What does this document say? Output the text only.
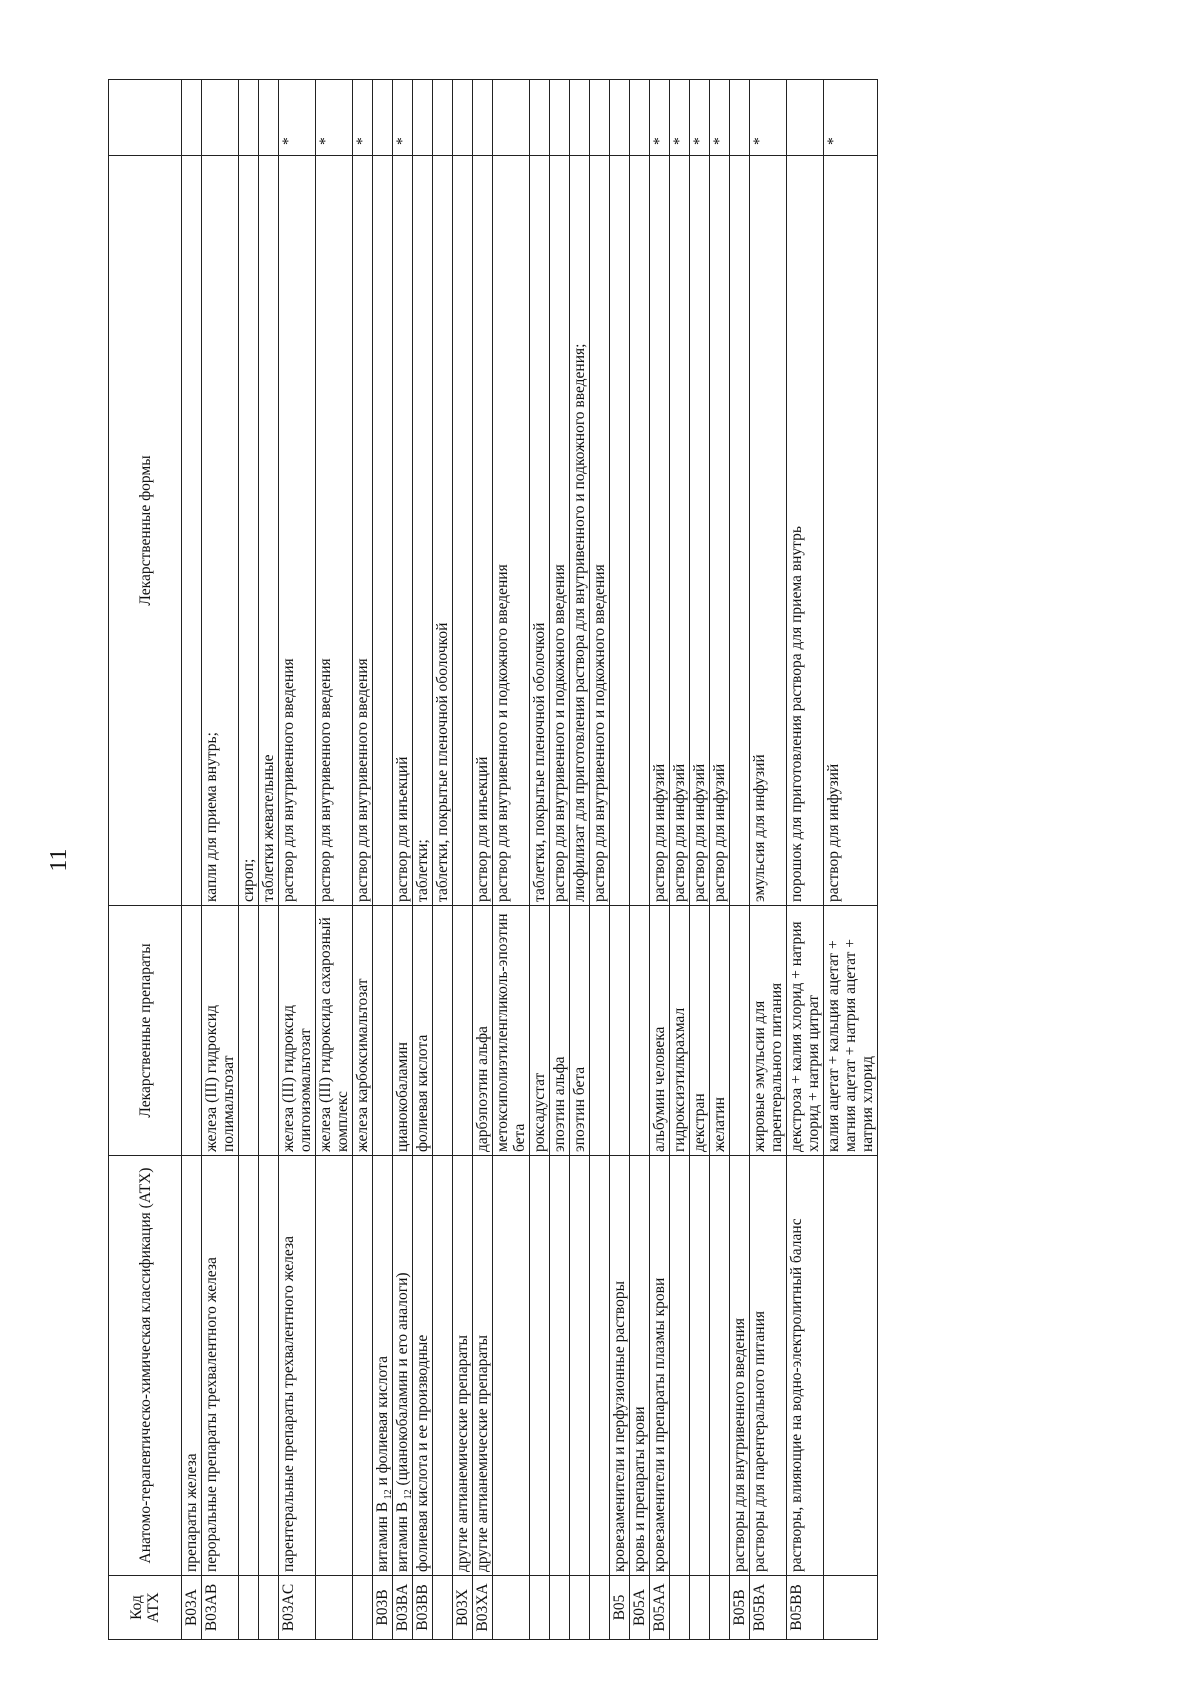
11
Код АТХ	Анатомо-терапевтическо-химическая классификация (АТХ)	Лекарственные препараты	Лекарственные формы	
B03A	препараты железа			
B03AB	пероральные препараты трехвалентного железа	железа (III) гидроксид полимальтозат	капли для приема внутрь;	
			сироп;	
			таблетки жевательные	
B03AC	парентеральные препараты трехвалентного железа	железа (III) гидроксид олигоизомальтозат	раствор для внутривенного введения	*
		железа (III) гидроксида сахарозный комплекс	раствор для внутривенного введения	*
		железа карбоксимальтозат	раствор для внутривенного введения	*
B03B	витамин B $_{12}$ и фолиевая кислота			
B03BA	витамин B $_{12}$ (цианокобаламин и его аналоги)	цианокобаламин	раствор для инъекций	*
B03BB	фолиевая кислота и ее производные	фолиевая кислота	таблетки;	
			таблетки, покрытые пленочной оболочкой	
B03X	другие антианемические препараты			
B03XA	другие антианемические препараты	дарбэпоэтин альфа	раствор для инъекций	
		метоксиполиэтиленгликоль-эпоэтин бета	раствор для внутривенного и подкожного введения	
		роксадустат	таблетки, покрытые пленочной оболочкой	
		эпоэтин альфа	раствор для внутривенного и подкожного введения	
		эпоэтин бета	лиофилизат для приготовления раствора для внутривенного и подкожного введения;	
			раствор для внутривенного и подкожного введения	
B05	кровезаменители и перфузионные растворы			
B05A	кровь и препараты крови			
B05AA	кровезаменители и препараты плазмы крови	альбумин человека	раствор для инфузий	*
		гидроксиэтилкрахмал	раствор для инфузий	*
		декстран	раствор для инфузий	*
		желатин	раствор для инфузий	*
B05B	растворы для внутривенного введения			
B05BA	растворы для парентерального питания	жировые эмульсии для парентерального питания	эмульсия для инфузий	*
B05BB	растворы, влияющие на водно-электролитный баланс	декстроза + калия хлорид + натрия хлорид + натрия цитрат	порошок для приготовления раствора для приема внутрь	
		калия ацетат + кальция ацетат + магния ацетат + натрия ацетат + натрия хлорид	раствор для инфузий	*
